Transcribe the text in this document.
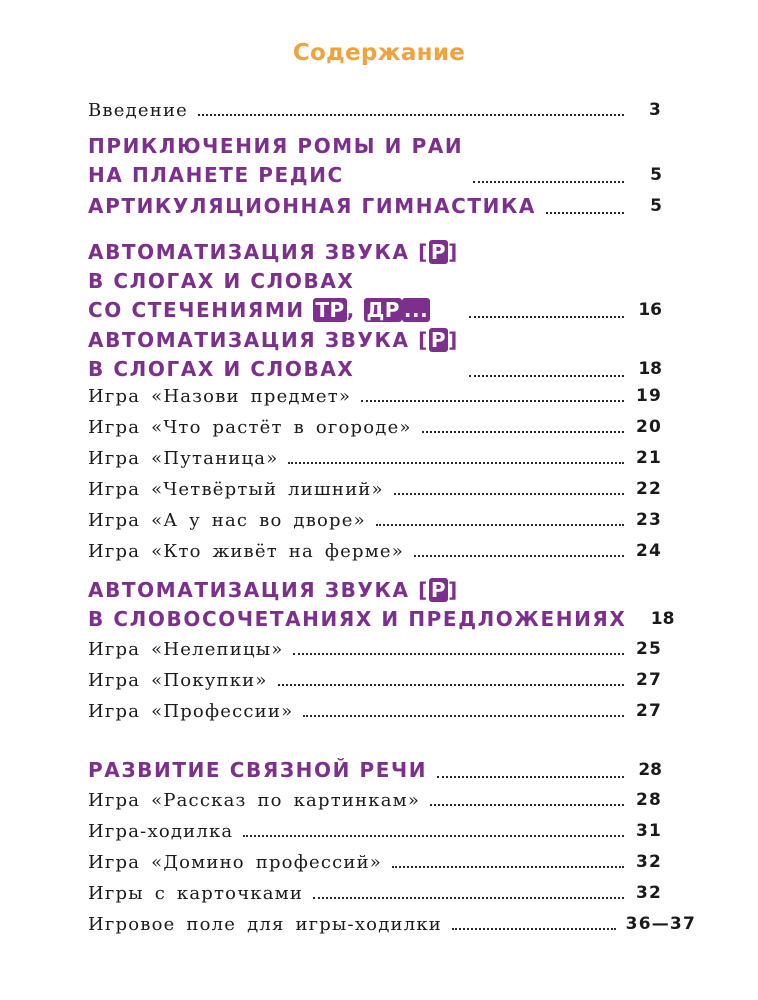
Содержание
Введение	3
ПРИКЛЮЧЕНИЯ РОМЫ И РАИ
НА ПЛАНЕТЕ РЕДИС	5
АРТИКУЛЯЦИОННАЯ ГИМНАСТИКА	5
АВТОМАТИЗАЦИЯ ЗВУКА [ Р ]
В СЛОГАХ И СЛОВАХ
СО СТЕЧЕНИЯМИ ТР , ДР ...	16
АВТОМАТИЗАЦИЯ ЗВУКА [ Р ]
В СЛОГАХ И СЛОВАХ	18
Игра «Назови предмет»	19
Игра «Что растёт в огороде»	20
Игра «Путаница»	21
Игра «Четвёртый лишний»	22
Игра «А у нас во дворе»	23
Игра «Кто живёт на ферме»	24
АВТОМАТИЗАЦИЯ ЗВУКА [ Р ]
В СЛОВОСОЧЕТАНИЯХ И ПРЕДЛОЖЕНИЯХ 18
Игра «Нелепицы»	25
Игра «Покупки»	27
Игра «Профессии»	27
РАЗВИТИЕ СВЯЗНОЙ РЕЧИ	28
Игра «Рассказ по картинкам»	28
Игра-ходилка	31
Игра «Домино профессий»	32
Игры с карточками	32
Игровое поле для игры-ходилки	36—37
